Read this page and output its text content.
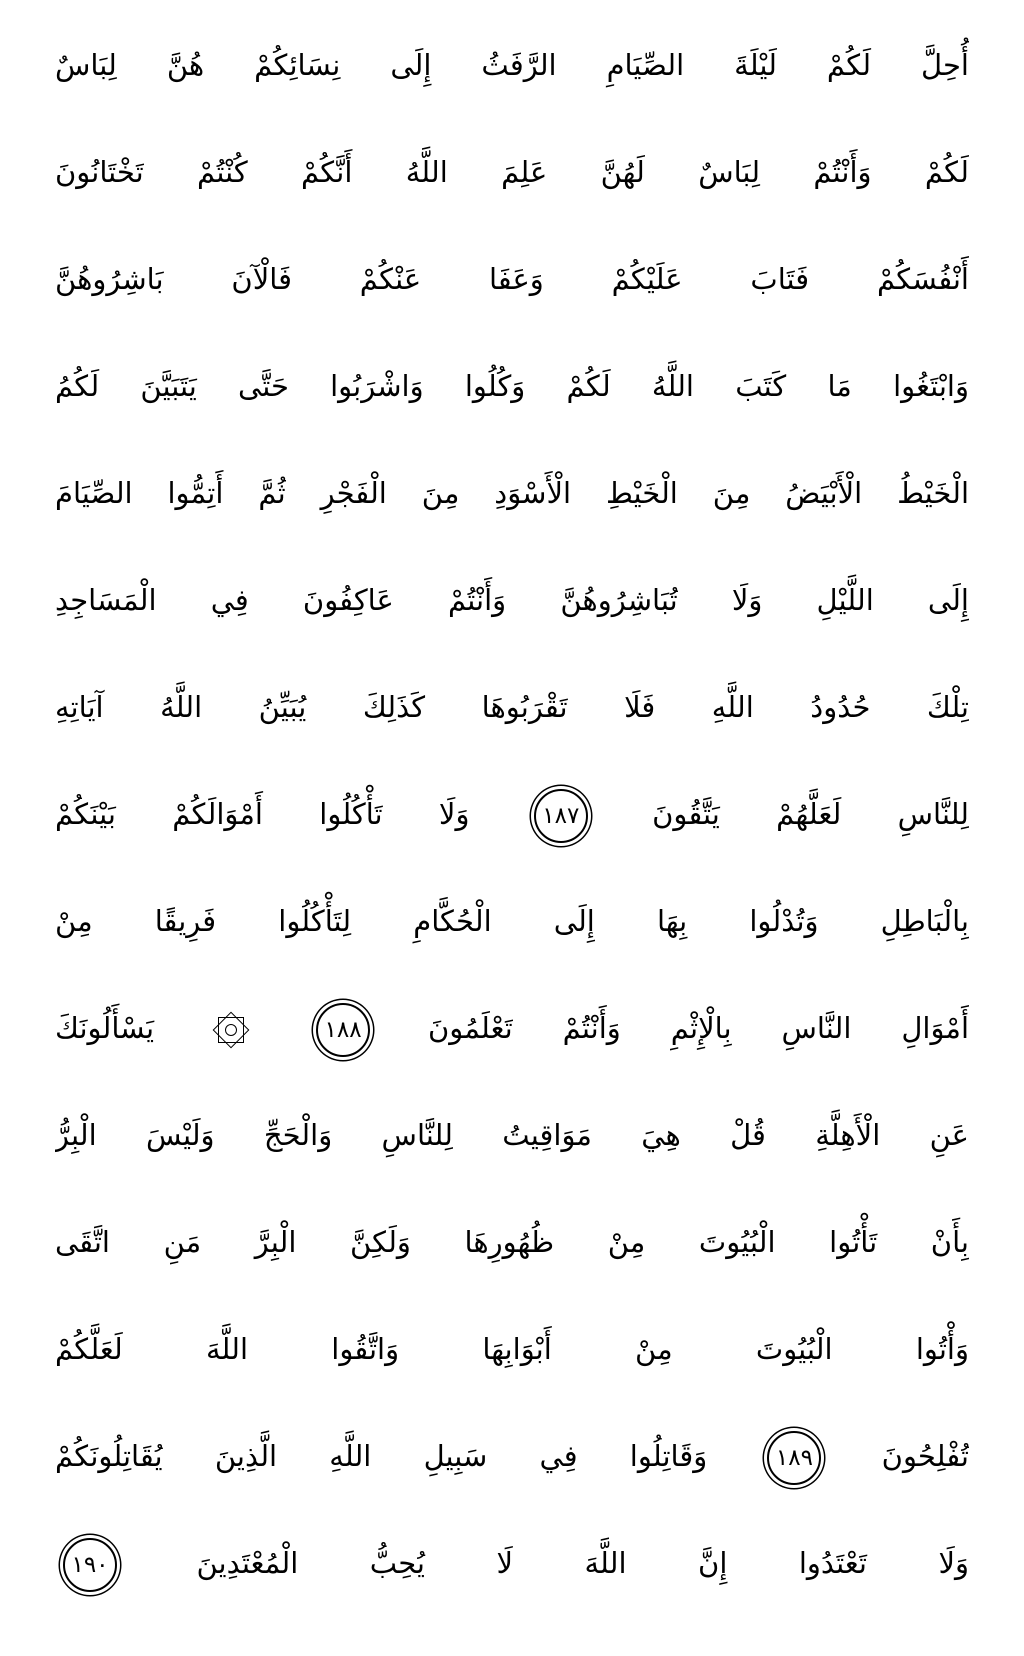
أُحِلَّ لَكُمْ لَيْلَةَ الصِّيَامِ الرَّفَثُ إِلَى نِسَائِكُمْ هُنَّ لِبَاسٌ
لَكُمْ وَأَنْتُمْ لِبَاسٌ لَهُنَّ عَلِمَ اللَّهُ أَنَّكُمْ كُنْتُمْ تَخْتَانُونَ
أَنْفُسَكُمْ فَتَابَ عَلَيْكُمْ وَعَفَا عَنْكُمْ فَالْآنَ بَاشِرُوهُنَّ
وَابْتَغُوا مَا كَتَبَ اللَّهُ لَكُمْ وَكُلُوا وَاشْرَبُوا حَتَّى يَتَبَيَّنَ لَكُمُ
الْخَيْطُ الْأَبْيَضُ مِنَ الْخَيْطِ الْأَسْوَدِ مِنَ الْفَجْرِ ثُمَّ أَتِمُّوا الصِّيَامَ
إِلَى اللَّيْلِ وَلَا تُبَاشِرُوهُنَّ وَأَنْتُمْ عَاكِفُونَ فِي الْمَسَاجِدِ
تِلْكَ حُدُودُ اللَّهِ فَلَا تَقْرَبُوهَا كَذَلِكَ يُبَيِّنُ اللَّهُ آيَاتِهِ
لِلنَّاسِ لَعَلَّهُمْ يَتَّقُونَ
١٨٧
وَلَا تَأْكُلُوا أَمْوَالَكُمْ بَيْنَكُمْ
بِالْبَاطِلِ وَتُدْلُوا بِهَا إِلَى الْحُكَّامِ لِتَأْكُلُوا فَرِيقًا مِنْ
أَمْوَالِ النَّاسِ بِالْإِثْمِ وَأَنْتُمْ تَعْلَمُونَ
١٨٨

يَسْأَلُونَكَ
عَنِ الْأَهِلَّةِ قُلْ هِيَ مَوَاقِيتُ لِلنَّاسِ وَالْحَجِّ وَلَيْسَ الْبِرُّ
بِأَنْ تَأْتُوا الْبُيُوتَ مِنْ ظُهُورِهَا وَلَكِنَّ الْبِرَّ مَنِ اتَّقَى
وَأْتُوا الْبُيُوتَ مِنْ أَبْوَابِهَا وَاتَّقُوا اللَّهَ لَعَلَّكُمْ
تُفْلِحُونَ
١٨٩
وَقَاتِلُوا فِي سَبِيلِ اللَّهِ الَّذِينَ يُقَاتِلُونَكُمْ
وَلَا تَعْتَدُوا إِنَّ اللَّهَ لَا يُحِبُّ الْمُعْتَدِينَ
١٩٠
